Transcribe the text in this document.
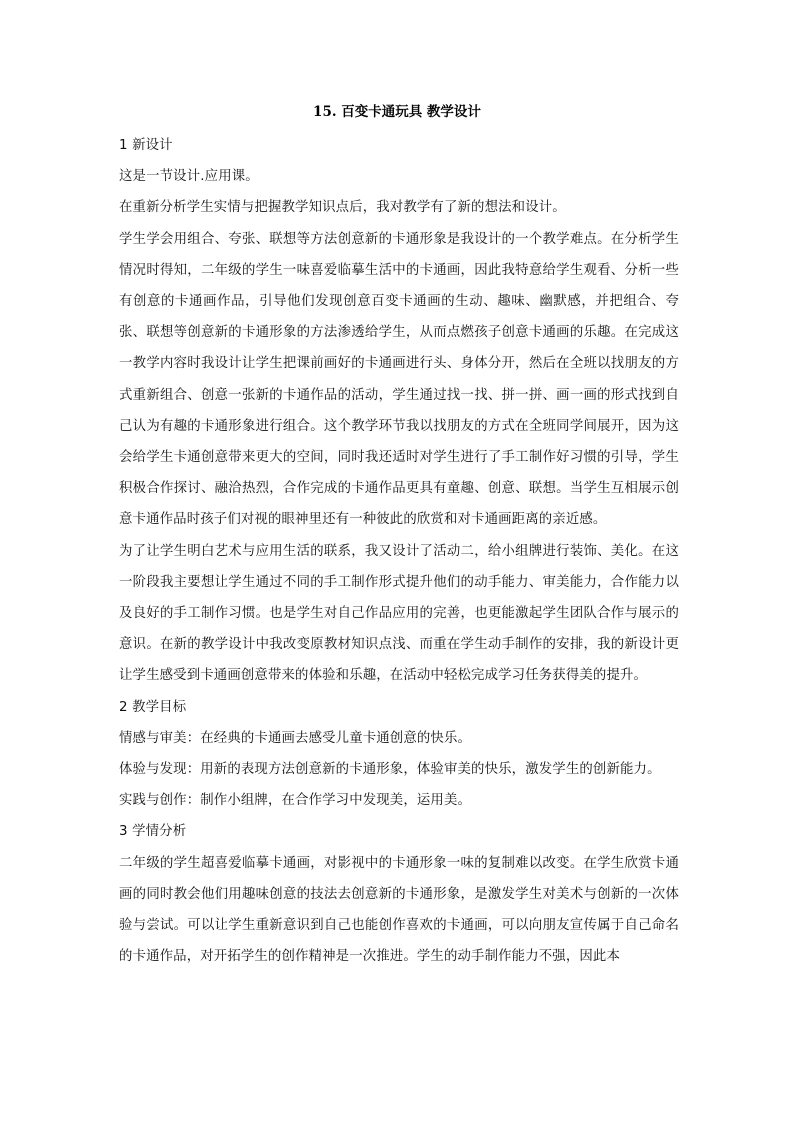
15. 百变卡通玩具 教学设计

1 新设计

这是一节设计.应用课。

在重新分析学生实情与把握教学知识点后，我对教学有了新的想法和设计。

学生学会用组合、夸张、联想等方法创意新的卡通形象是我设计的一个教学难点。在分析学生情况时得知，二年级的学生一味喜爱临摹生活中的卡通画，因此我特意给学生观看、分析一些有创意的卡通画作品，引导他们发现创意百变卡通画的生动、趣味、幽默感，并把组合、夸张、联想等创意新的卡通形象的方法渗透给学生，从而点燃孩子创意卡通画的乐趣。在完成这一教学内容时我设计让学生把课前画好的卡通画进行头、身体分开，然后在全班以找朋友的方式重新组合、创意一张新的卡通作品的活动，学生通过找一找、拼一拼、画一画的形式找到自己认为有趣的卡通形象进行组合。这个教学环节我以找朋友的方式在全班同学间展开，因为这会给学生卡通创意带来更大的空间，同时我还适时对学生进行了手工制作好习惯的引导，学生积极合作探讨、融洽热烈，合作完成的卡通作品更具有童趣、创意、联想。当学生互相展示创意卡通作品时孩子们对视的眼神里还有一种彼此的欣赏和对卡通画距离的亲近感。

为了让学生明白艺术与应用生活的联系，我又设计了活动二，给小组牌进行装饰、美化。在这一阶段我主要想让学生通过不同的手工制作形式提升他们的动手能力、审美能力，合作能力以及良好的手工制作习惯。也是学生对自己作品应用的完善，也更能激起学生团队合作与展示的意识。在新的教学设计中我改变原教材知识点浅、而重在学生动手制作的安排，我的新设计更让学生感受到卡通画创意带来的体验和乐趣，在活动中轻松完成学习任务获得美的提升。

2 教学目标

情感与审美：在经典的卡通画去感受儿童卡通创意的快乐。

体验与发现：用新的表现方法创意新的卡通形象，体验审美的快乐，激发学生的创新能力。

实践与创作：制作小组牌，在合作学习中发现美，运用美。

3 学情分析

二年级的学生超喜爱临摹卡通画，对影视中的卡通形象一味的复制难以改变。在学生欣赏卡通画的同时教会他们用趣味创意的技法去创意新的卡通形象，是激发学生对美术与创新的一次体验与尝试。可以让学生重新意识到自己也能创作喜欢的卡通画，可以向朋友宣传属于自己命名的卡通作品，对开拓学生的创作精神是一次推进。学生的动手制作能力不强，因此本
